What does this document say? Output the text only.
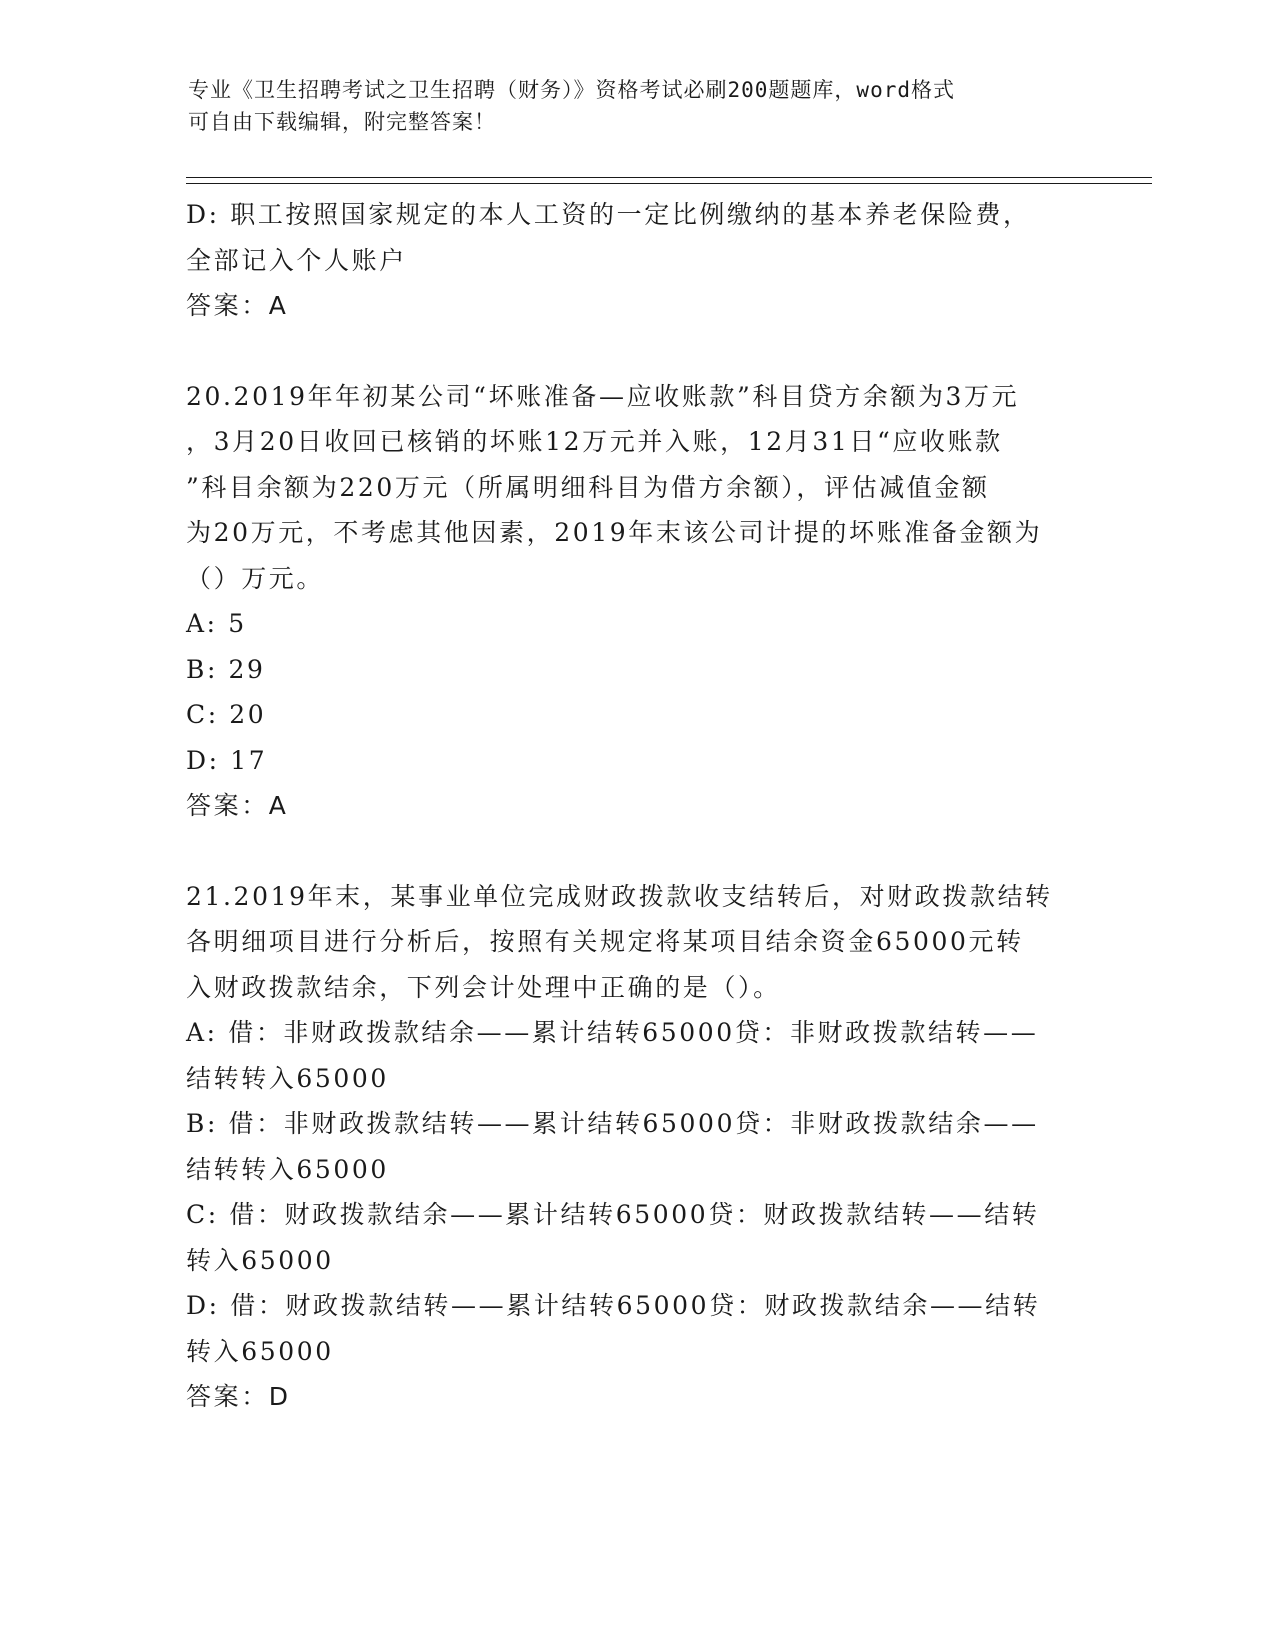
专业《卫生招聘考试之卫生招聘（财务）》资格考试必刷200题题库，word格式
可自由下载编辑，附完整答案！

D: 职工按照国家规定的本人工资的一定比例缴纳的基本养老保险费，

全部记入个人账户

答案：A

20.2019年年初某公司“坏账准备—应收账款”科目贷方余额为3万元

，3月20日收回已核销的坏账12万元并入账，12月31日“应收账款

”科目余额为220万元（所属明细科目为借方余额），评估减值金额

为20万元，不考虑其他因素，2019年末该公司计提的坏账准备金额为

（）万元。

A: 5

B: 29

C: 20

D: 17

答案：A

21.2019年末，某事业单位完成财政拨款收支结转后，对财政拨款结转

各明细项目进行分析后，按照有关规定将某项目结余资金65000元转

入财政拨款结余，下列会计处理中正确的是（）。

A: 借：非财政拨款结余——累计结转65000贷：非财政拨款结转——

结转转入65000

B: 借：非财政拨款结转——累计结转65000贷：非财政拨款结余——

结转转入65000

C: 借：财政拨款结余——累计结转65000贷：财政拨款结转——结转

转入65000

D: 借：财政拨款结转——累计结转65000贷：财政拨款结余——结转

转入65000

答案：D
